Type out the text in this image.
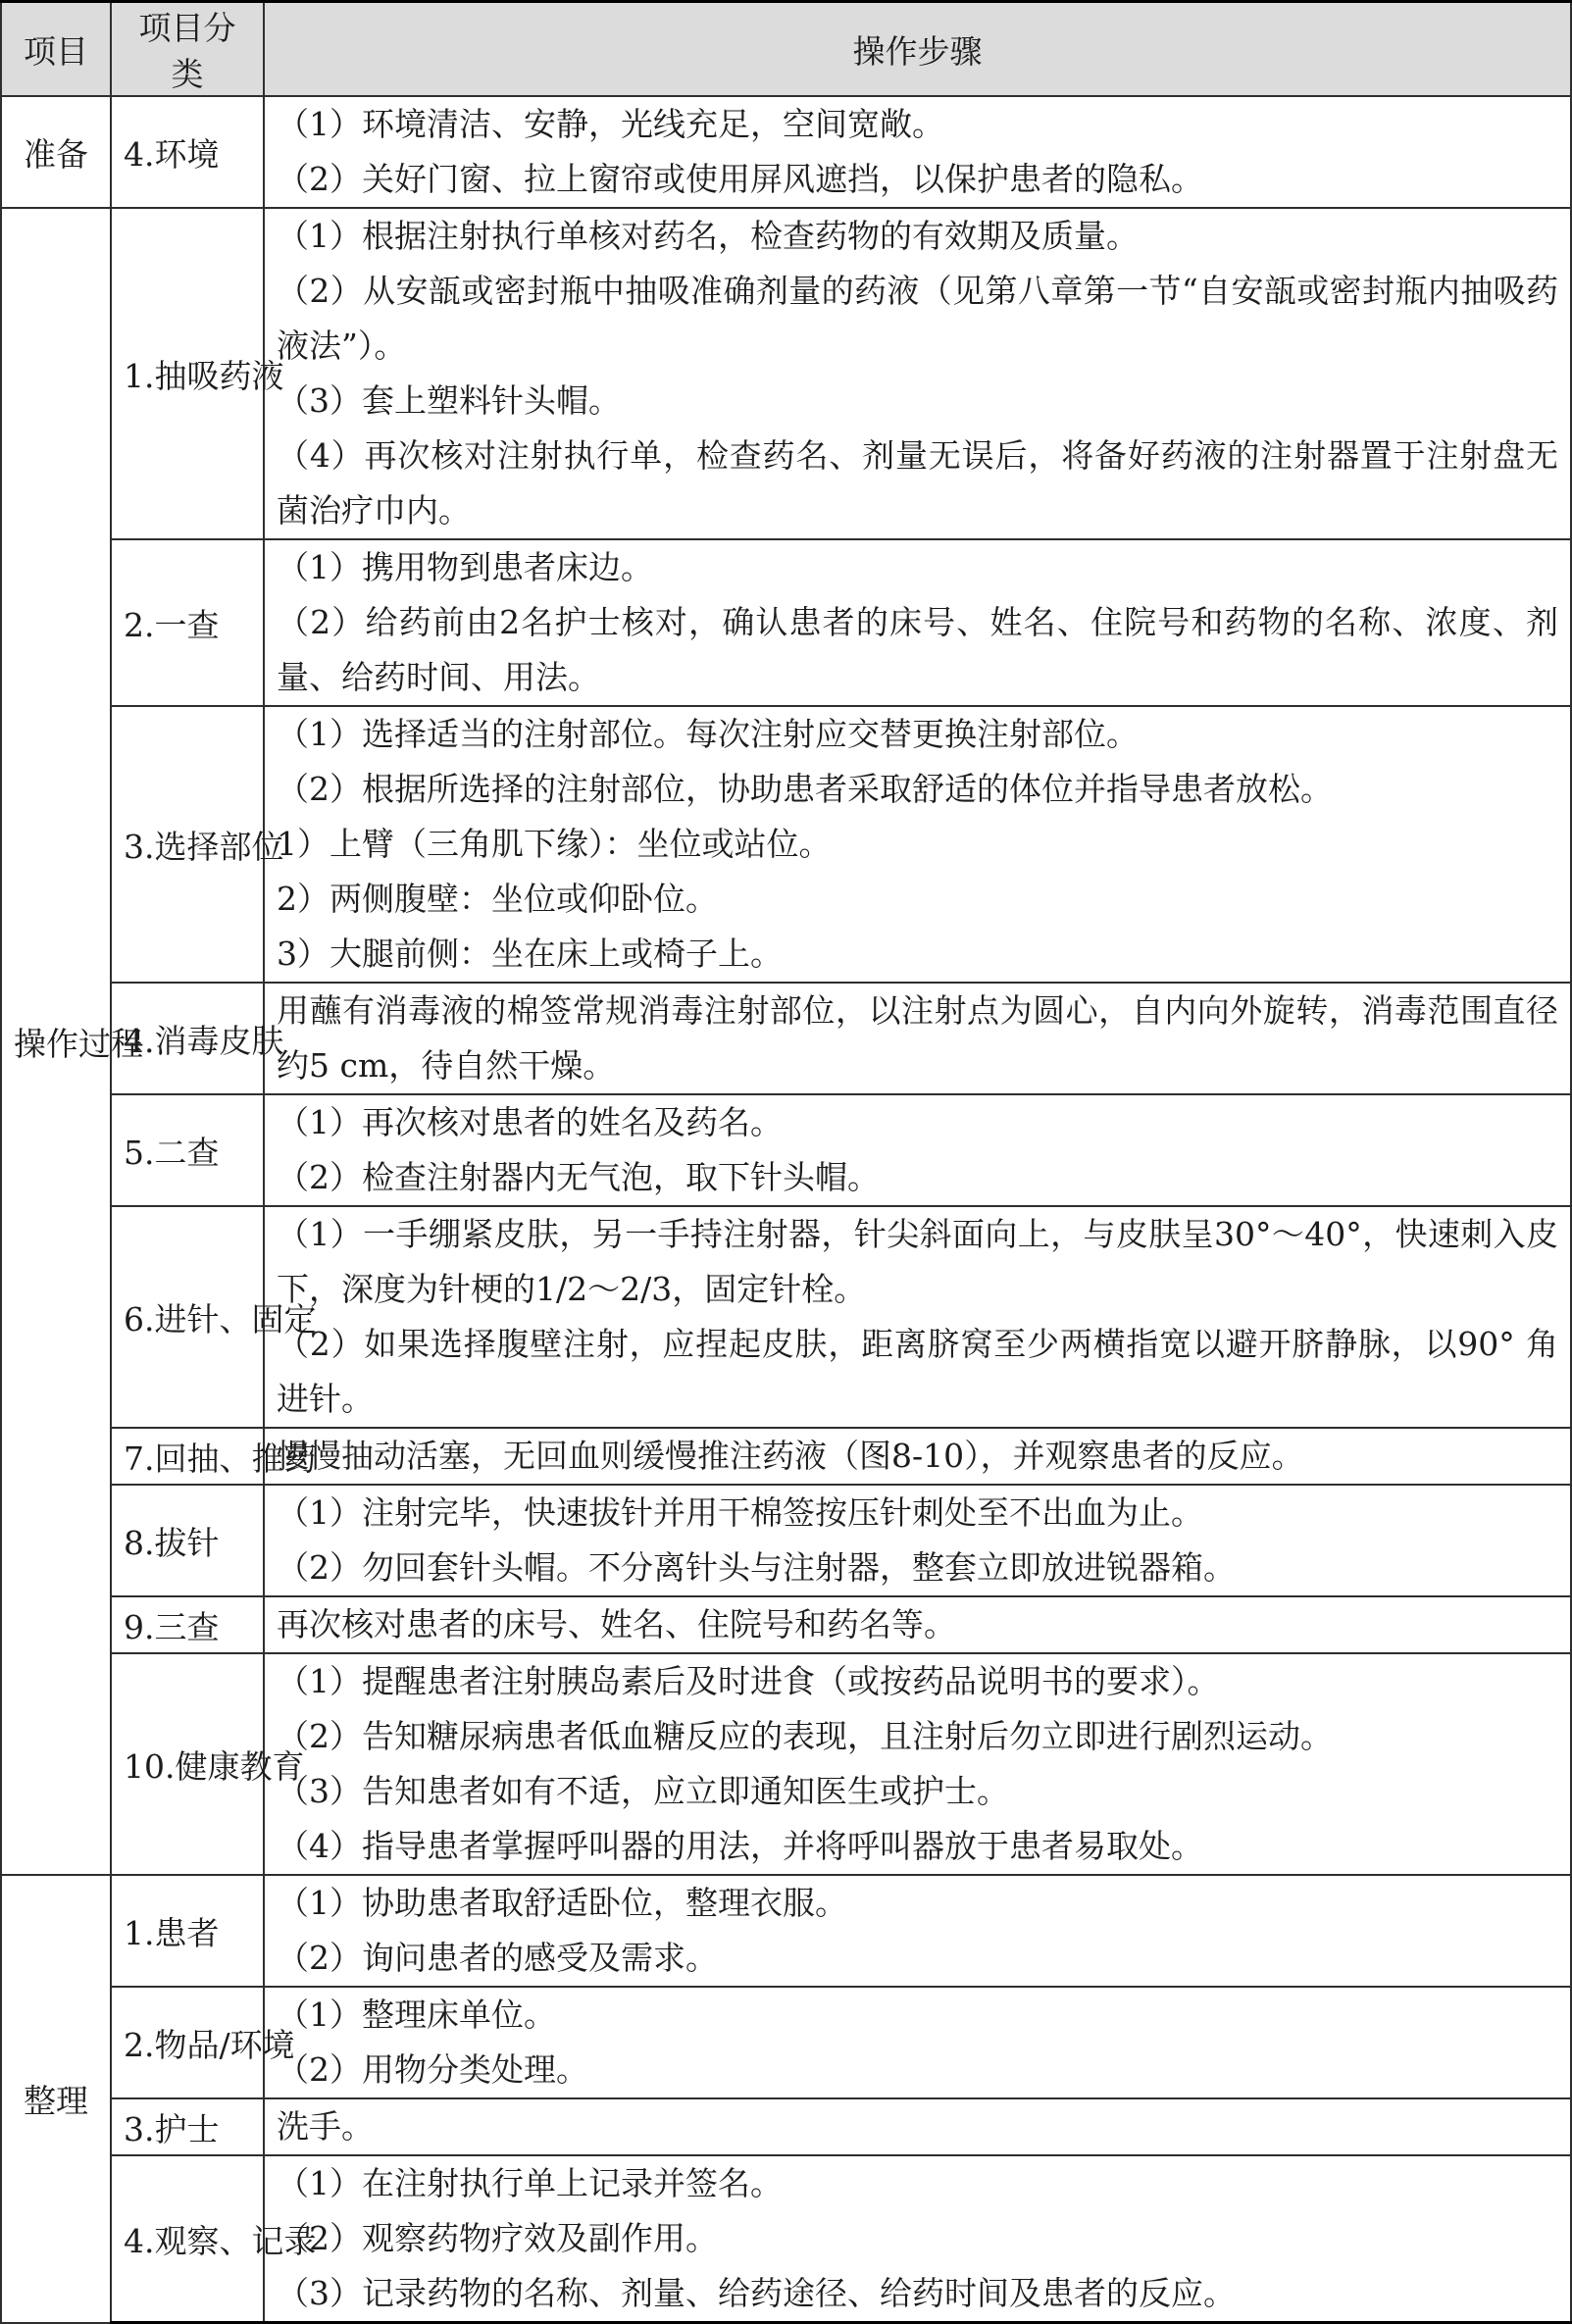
项目	项目分类	操作步骤
准备	4.环境	（1）环境清洁、安静，光线充足，空间宽敞。
（2）关好门窗、拉上窗帘或使用屏风遮挡，以保护患者的隐私。

操作过程	1.抽吸药液	（1）根据注射执行单核对药名，检查药物的有效期及质量。
（2）从安瓿或密封瓶中抽吸准确剂量的药液（见第八章第一节“自安瓿或密封瓶内抽吸药液法”）。
（3）套上塑料针头帽。
（4）再次核对注射执行单，检查药名、剂量无误后，将备好药液的注射器置于注射盘无菌治疗巾内。

	2.一查	（1）携用物到患者床边。
（2）给药前由2名护士核对，确认患者的床号、姓名、住院号和药物的名称、浓度、剂量、给药时间、用法。

	3.选择部位	（1）选择适当的注射部位。每次注射应交替更换注射部位。
（2）根据所选择的注射部位，协助患者采取舒适的体位并指导患者放松。
1）上臂（三角肌下缘）：坐位或站位。
2）两侧腹壁：坐位或仰卧位。
3）大腿前侧：坐在床上或椅子上。

	4.消毒皮肤	用蘸有消毒液的棉签常规消毒注射部位，以注射点为圆心，自内向外旋转，消毒范围直径约5 cm，待自然干燥。

	5.二查	（1）再次核对患者的姓名及药名。
（2）检查注射器内无气泡，取下针头帽。

	6.进针、固定	（1）一手绷紧皮肤，另一手持注射器，针尖斜面向上，与皮肤呈30°～40°，快速刺入皮下，深度为针梗的1/2～2/3，固定针栓。
（2）如果选择腹壁注射，应捏起皮肤，距离脐窝至少两横指宽以避开脐静脉，以90° 角进针。

	7.回抽、推药	慢慢抽动活塞，无回血则缓慢推注药液（图8-10），并观察患者的反应。

	8.拔针	（1）注射完毕，快速拔针并用干棉签按压针刺处至不出血为止。
（2）勿回套针头帽。不分离针头与注射器，整套立即放进锐器箱。

	9.三查	再次核对患者的床号、姓名、住院号和药名等。

	10.健康教育	（1）提醒患者注射胰岛素后及时进食（或按药品说明书的要求）。
（2）告知糖尿病患者低血糖反应的表现，且注射后勿立即进行剧烈运动。
（3）告知患者如有不适，应立即通知医生或护士。
（4）指导患者掌握呼叫器的用法，并将呼叫器放于患者易取处。

整理	1.患者	（1）协助患者取舒适卧位，整理衣服。
（2）询问患者的感受及需求。

	2.物品/环境	（1）整理床单位。
（2）用物分类处理。

	3.护士	洗手。

	4.观察、记录	（1）在注射执行单上记录并签名。
（2）观察药物疗效及副作用。
（3）记录药物的名称、剂量、给药途径、给药时间及患者的反应。
